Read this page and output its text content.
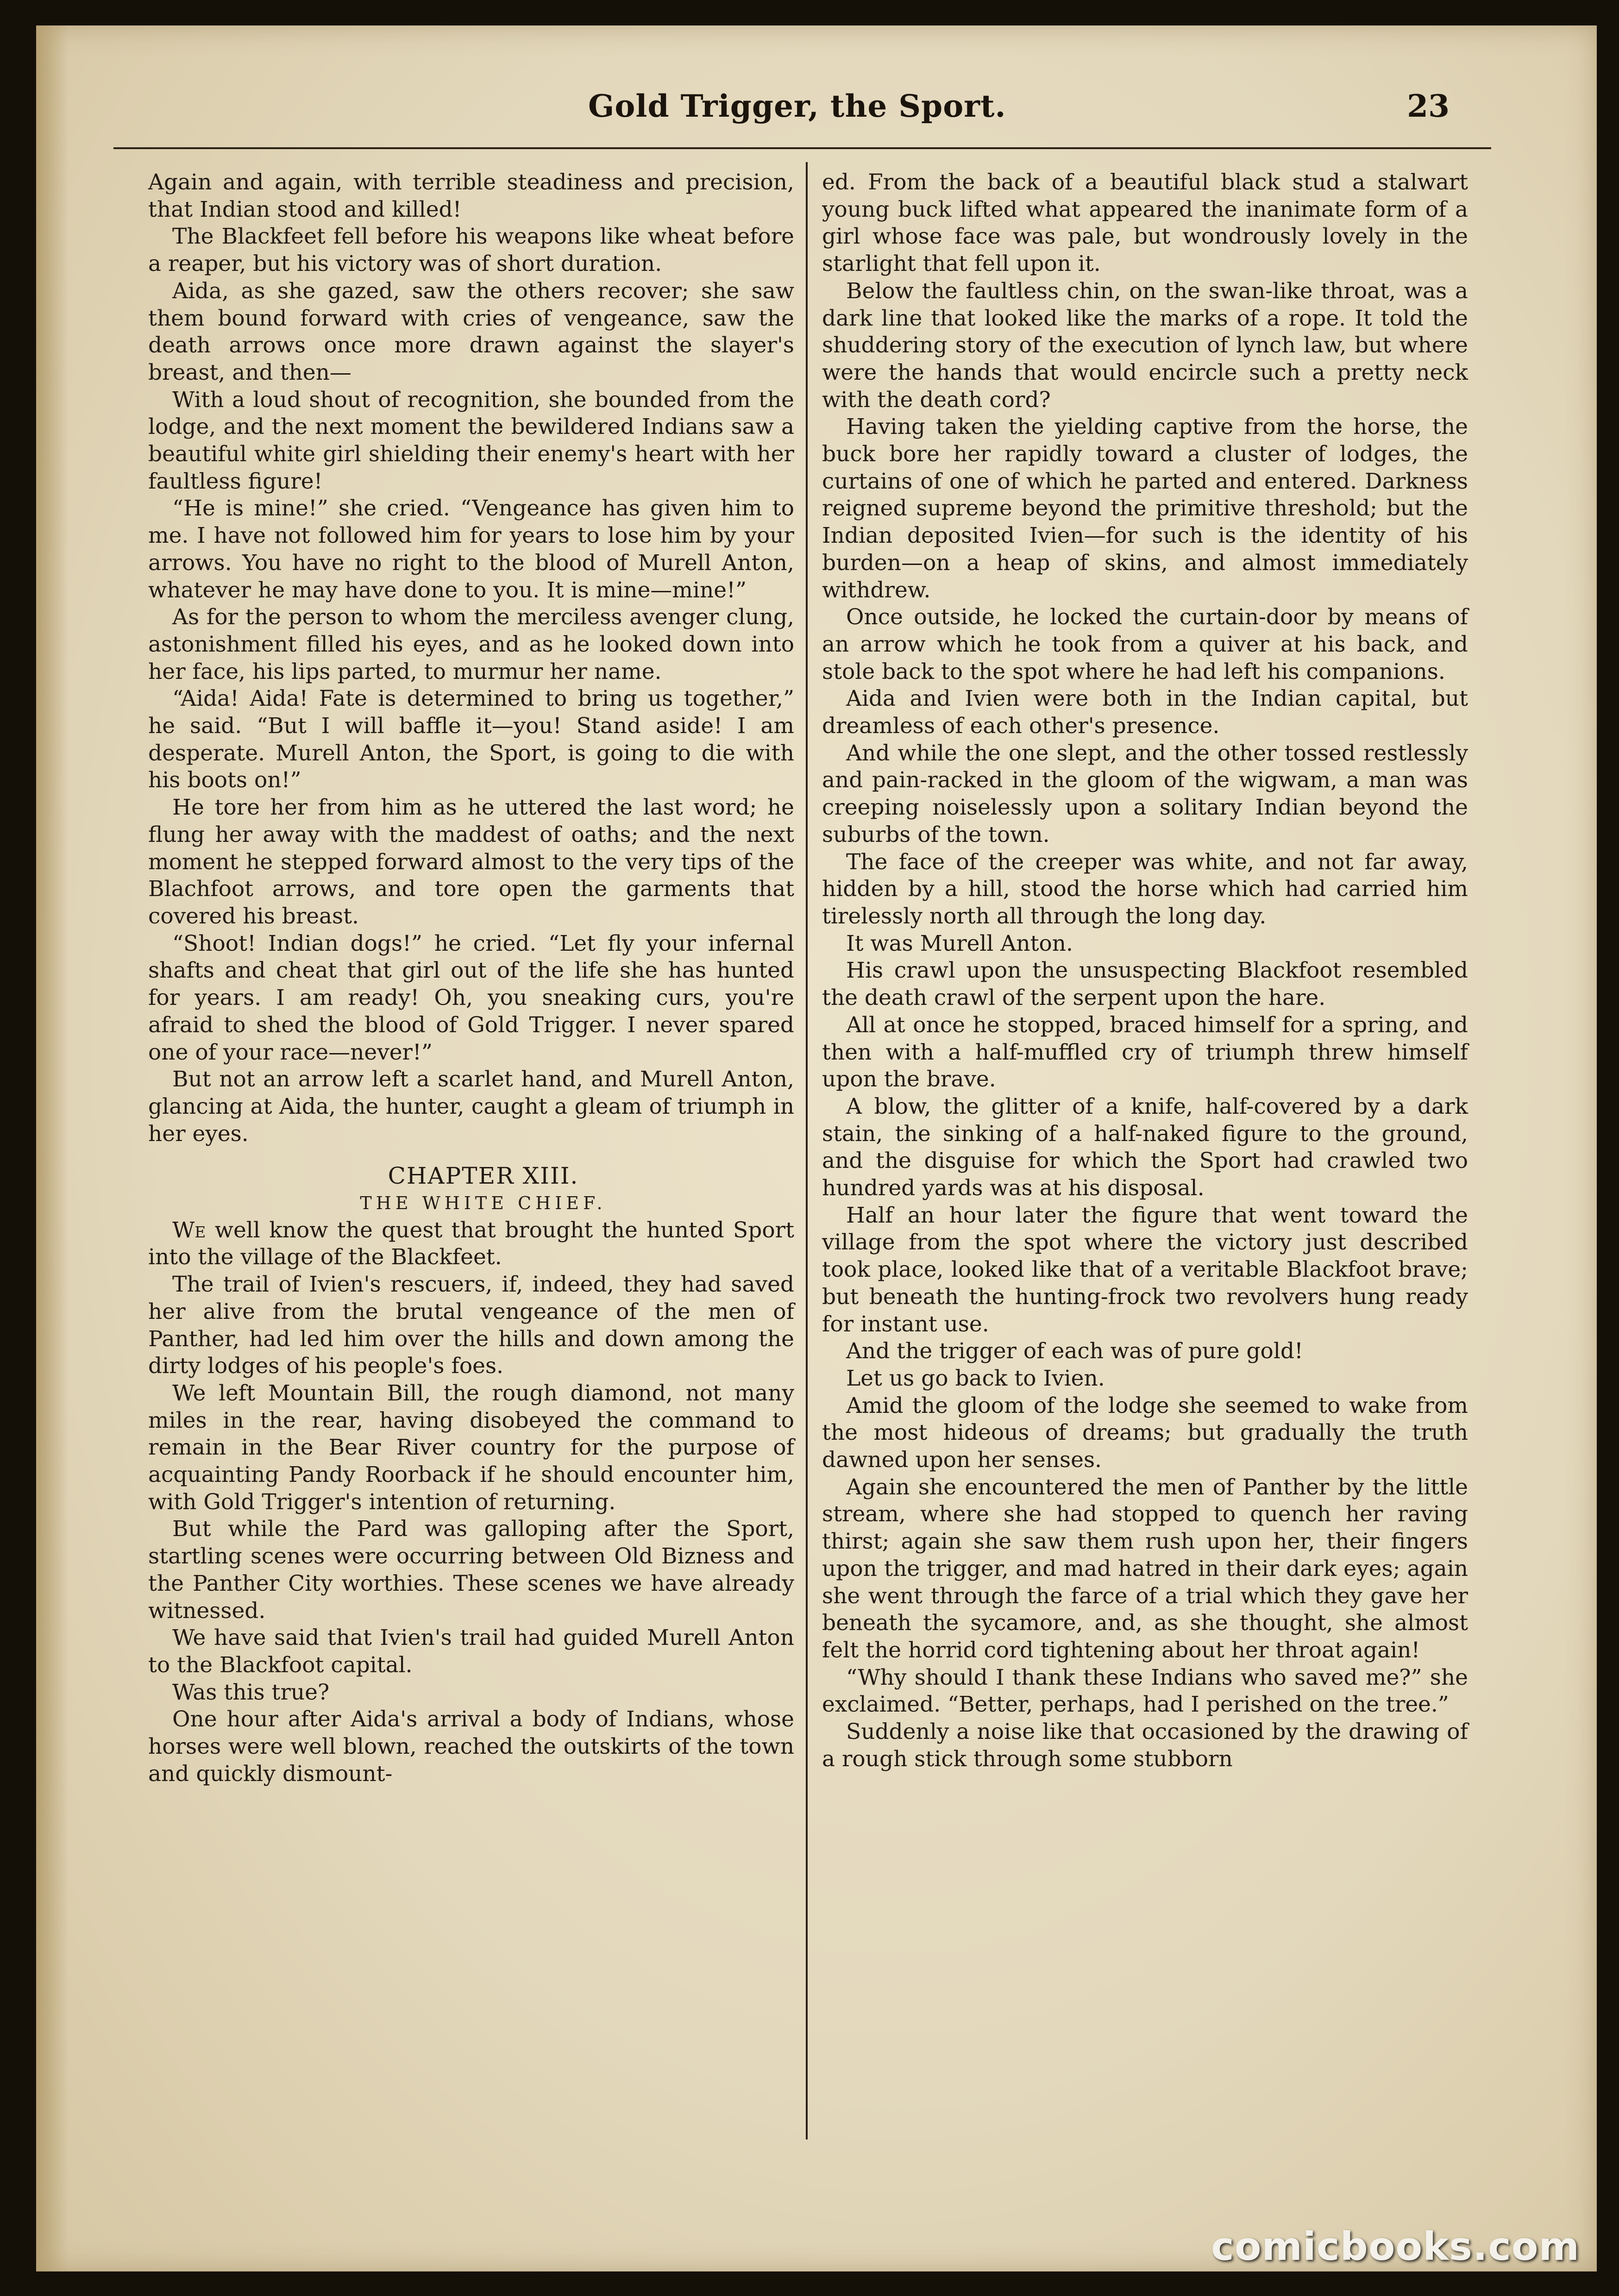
Gold Trigger, the Sport.	23

Again and again, with terrible steadiness and precision, that Indian stood and killed!

The Blackfeet fell before his weapons like wheat before a reaper, but his victory was of short duration.

Aida, as she gazed, saw the others recover; she saw them bound forward with cries of vengeance, saw the death arrows once more drawn against the slayer's breast, and then—

With a loud shout of recognition, she bounded from the lodge, and the next moment the bewildered Indians saw a beautiful white girl shielding their enemy's heart with her faultless figure!

“He is mine!” she cried. “Vengeance has given him to me. I have not followed him for years to lose him by your arrows. You have no right to the blood of Murell Anton, whatever he may have done to you. It is mine—mine!”

As for the person to whom the merciless avenger clung, astonishment filled his eyes, and as he looked down into her face, his lips parted, to murmur her name.

“Aida! Aida! Fate is determined to bring us together,” he said. “But I will baffle it—you! Stand aside! I am desperate. Murell Anton, the Sport, is going to die with his boots on!”

He tore her from him as he uttered the last word; he flung her away with the maddest of oaths; and the next moment he stepped forward almost to the very tips of the Blachfoot arrows, and tore open the garments that covered his breast.

“Shoot! Indian dogs!” he cried. “Let fly your infernal shafts and cheat that girl out of the life she has hunted for years. I am ready! Oh, you sneaking curs, you're afraid to shed the blood of Gold Trigger. I never spared one of your race—never!”

But not an arrow left a scarlet hand, and Murell Anton, glancing at Aida, the hunter, caught a gleam of triumph in her eyes.

CHAPTER XIII.

THE WHITE CHIEF.

We well know the quest that brought the hunted Sport into the village of the Blackfeet.

The trail of Ivien's rescuers, if, indeed, they had saved her alive from the brutal vengeance of the men of Panther, had led him over the hills and down among the dirty lodges of his people's foes.

We left Mountain Bill, the rough diamond, not many miles in the rear, having disobeyed the command to remain in the Bear River country for the purpose of acquainting Pandy Roorback if he should encounter him, with Gold Trigger's intention of returning.

But while the Pard was galloping after the Sport, startling scenes were occurring between Old Bizness and the Panther City worthies. These scenes we have already witnessed.

We have said that Ivien's trail had guided Murell Anton to the Blackfoot capital.

Was this true?

One hour after Aida's arrival a body of Indians, whose horses were well blown, reached the outskirts of the town and quickly dismount-

ed. From the back of a beautiful black stud a stalwart young buck lifted what appeared the inanimate form of a girl whose face was pale, but wondrously lovely in the starlight that fell upon it.

Below the faultless chin, on the swan-like throat, was a dark line that looked like the marks of a rope. It told the shuddering story of the execution of lynch law, but where were the hands that would encircle such a pretty neck with the death cord?

Having taken the yielding captive from the horse, the buck bore her rapidly toward a cluster of lodges, the curtains of one of which he parted and entered. Darkness reigned supreme beyond the primitive threshold; but the Indian deposited Ivien—for such is the identity of his burden—on a heap of skins, and almost immediately withdrew.

Once outside, he locked the curtain-door by means of an arrow which he took from a quiver at his back, and stole back to the spot where he had left his companions.

Aida and Ivien were both in the Indian capital, but dreamless of each other's presence.

And while the one slept, and the other tossed restlessly and pain-racked in the gloom of the wigwam, a man was creeping noiselessly upon a solitary Indian beyond the suburbs of the town.

The face of the creeper was white, and not far away, hidden by a hill, stood the horse which had carried him tirelessly north all through the long day.

It was Murell Anton.

His crawl upon the unsuspecting Blackfoot resembled the death crawl of the serpent upon the hare.

All at once he stopped, braced himself for a spring, and then with a half-muffled cry of triumph threw himself upon the brave.

A blow, the glitter of a knife, half-covered by a dark stain, the sinking of a half-naked figure to the ground, and the disguise for which the Sport had crawled two hundred yards was at his disposal.

Half an hour later the figure that went toward the village from the spot where the victory just described took place, looked like that of a veritable Blackfoot brave; but beneath the hunting-frock two revolvers hung ready for instant use.

And the trigger of each was of pure gold!

Let us go back to Ivien.

Amid the gloom of the lodge she seemed to wake from the most hideous of dreams; but gradually the truth dawned upon her senses.

Again she encountered the men of Panther by the little stream, where she had stopped to quench her raving thirst; again she saw them rush upon her, their fingers upon the trigger, and mad hatred in their dark eyes; again she went through the farce of a trial which they gave her beneath the sycamore, and, as she thought, she almost felt the horrid cord tightening about her throat again!

“Why should I thank these Indians who saved me?” she exclaimed. “Better, perhaps, had I perished on the tree.”

Suddenly a noise like that occasioned by the drawing of a rough stick through some stubborn

comicbooks.com
